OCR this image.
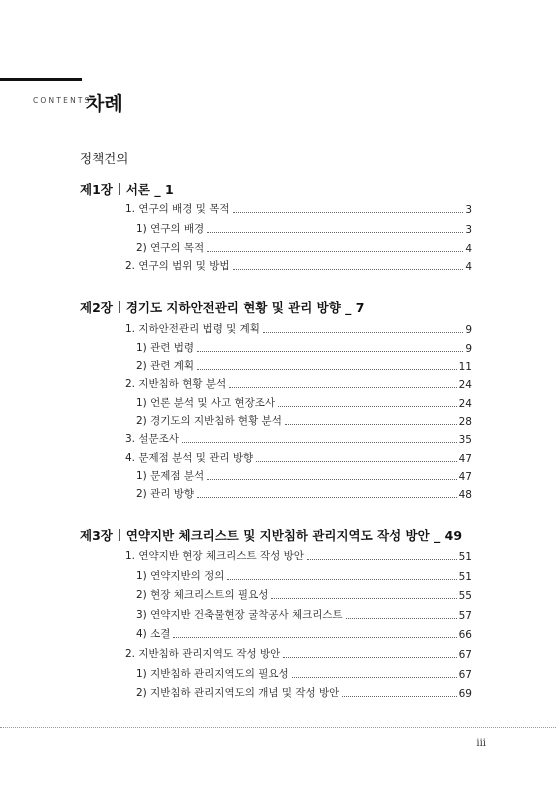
CONTENTS
차례
정책건의
제1장 서론 _ 1
1. 연구의 배경 및 목적	3
1) 연구의 배경	3
2) 연구의 목적	4
2. 연구의 범위 및 방법	4
제2장 경기도 지하안전관리 현황 및 관리 방향 _ 7
1. 지하안전관리 법령 및 계획	9
1) 관련 법령	9
2) 관련 계획	11
2. 지반침하 현황 분석	24
1) 언론 분석 및 사고 현장조사	24
2) 경기도의 지반침하 현황 분석	28
3. 설문조사	35
4. 문제점 분석 및 관리 방향	47
1) 문제점 분석	47
2) 관리 방향	48
제3장 연약지반 체크리스트 및 지반침하 관리지역도 작성 방안 _ 49
1. 연약지반 현장 체크리스트 작성 방안	51
1) 연약지반의 정의	51
2) 현장 체크리스트의 필요성	55
3) 연약지반 건축물현장 굴착공사 체크리스트	57
4) 소결	66
2. 지반침하 관리지역도 작성 방안	67
1) 지반침하 관리지역도의 필요성	67
2) 지반침하 관리지역도의 개념 및 작성 방안	69
iii
